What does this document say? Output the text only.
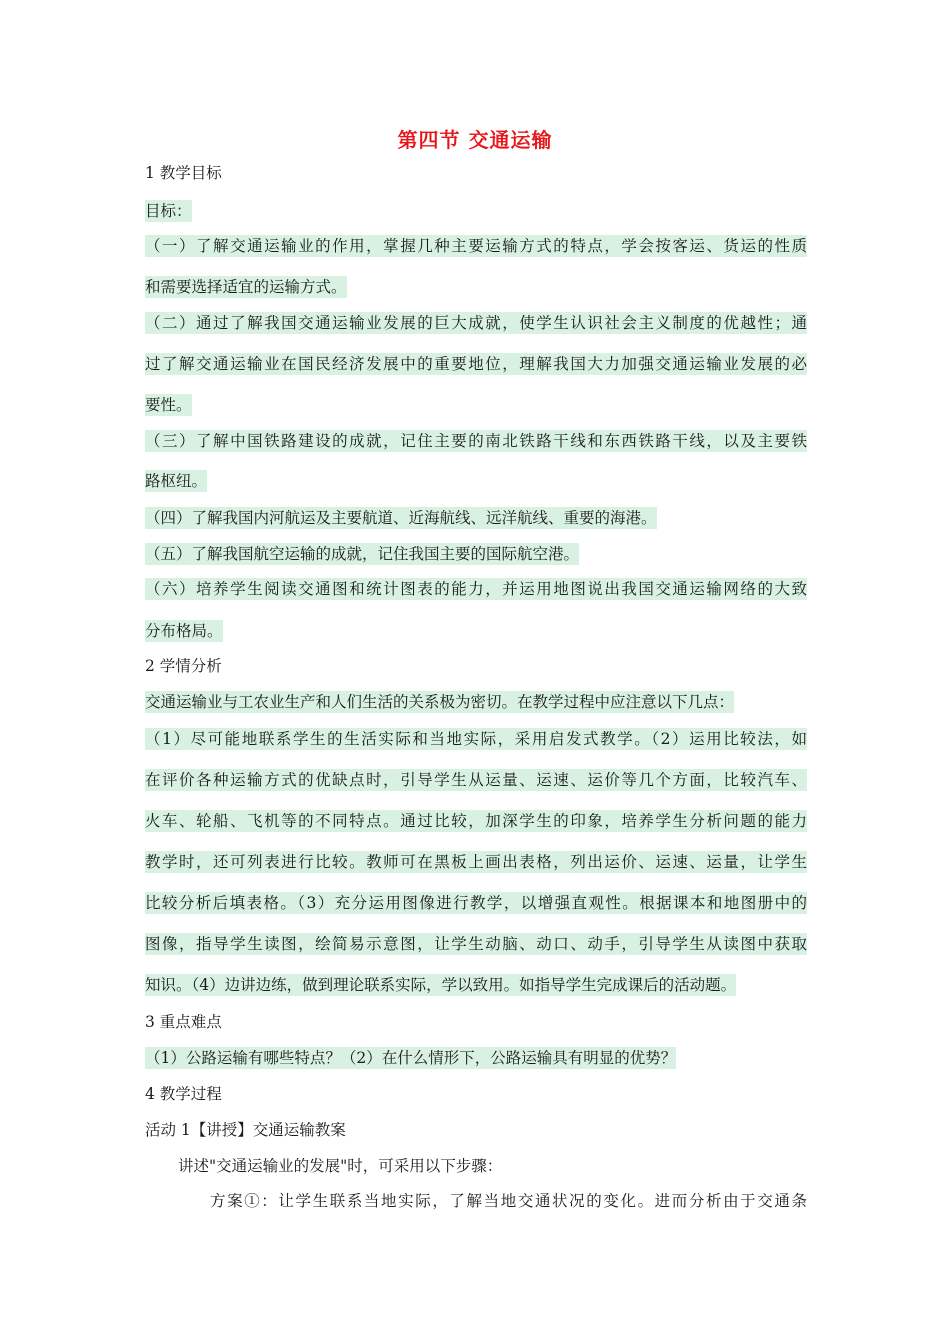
第四节 交通运输
1 教学目标
目标：
（一）了解交通运输业的作用，掌握几种主要运输方式的特点，学会按客运、货运的性质
和需要选择适宜的运输方式。
（二）通过了解我国交通运输业发展的巨大成就，使学生认识社会主义制度的优越性；通
过了解交通运输业在国民经济发展中的重要地位，理解我国大力加强交通运输业发展的必
要性。
（三）了解中国铁路建设的成就，记住主要的南北铁路干线和东西铁路干线，以及主要铁
路枢纽。
（四）了解我国内河航运及主要航道、近海航线、远洋航线、重要的海港。
（五）了解我国航空运输的成就，记住我国主要的国际航空港。
（六）培养学生阅读交通图和统计图表的能力，并运用地图说出我国交通运输网络的大致
分布格局。
2 学情分析
交通运输业与工农业生产和人们生活的关系极为密切。在教学过程中应注意以下几点：
（1）尽可能地联系学生的生活实际和当地实际，采用启发式教学。（2）运用比较法，如
在评价各种运输方式的优缺点时，引导学生从运量、运速、运价等几个方面，比较汽车、
火车、轮船、飞机等的不同特点。通过比较，加深学生的印象，培养学生分析问题的能力
教学时，还可列表进行比较。教师可在黑板上画出表格，列出运价、运速、运量，让学生
比较分析后填表格。（3）充分运用图像进行教学，以增强直观性。根据课本和地图册中的
图像，指导学生读图，绘简易示意图，让学生动脑、动口、动手，引导学生从读图中获取
知识。（4）边讲边练，做到理论联系实际，学以致用。如指导学生完成课后的活动题。
3 重点难点
（1）公路运输有哪些特点？（2）在什么情形下，公路运输具有明显的优势？
4 教学过程
活动 1【讲授】交通运输教案
讲述"交通运输业的发展"时，可采用以下步骤：
方案①：让学生联系当地实际，了解当地交通状况的变化。进而分析由于交通条
